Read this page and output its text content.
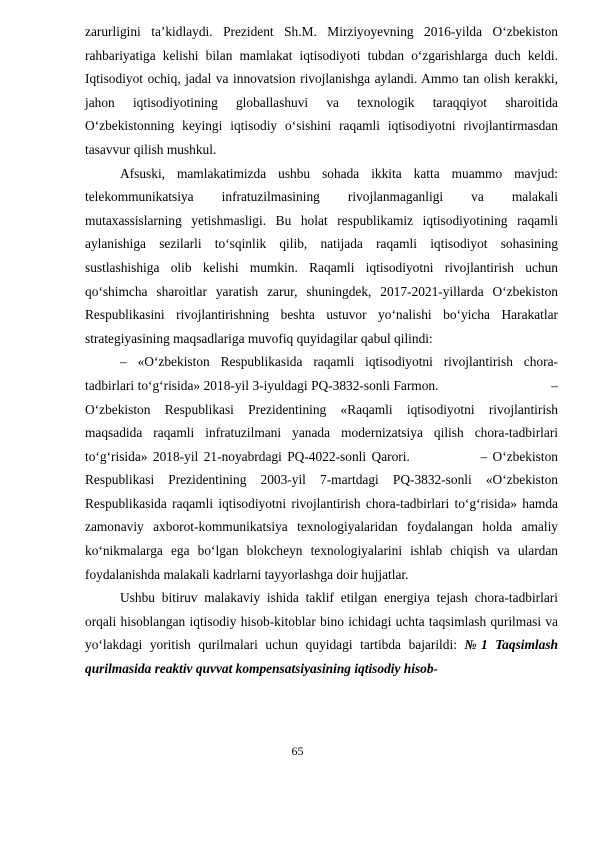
zarurligini ta’kidlaydi. Prezident Sh.M. Mirziyoyevning 2016-yilda O‘zbekiston rahbariyatiga kelishi bilan mamlakat iqtisodiyoti tubdan o‘zgarishlarga duch keldi. Iqtisodiyot ochiq, jadal va innovatsion rivojlanishga aylandi. Ammo tan olish kerakki, jahon iqtisodiyotining globallashuvi va texnologik taraqqiyot sharoitida O‘zbekistonning keyingi iqtisodiy o‘sishini raqamli iqtisodiyotni rivojlantirmasdan tasavvur qilish mushkul.

Afsuski, mamlakatimizda ushbu sohada ikkita katta muammo mavjud: telekommunikatsiya infratuzilmasining rivojlanmaganligi va malakali mutaxassislarning yetishmasligi. Bu holat respublikamiz iqtisodiyotining raqamli aylanishiga sezilarli to‘sqinlik qilib, natijada raqamli iqtisodiyot sohasining sustlashishiga olib kelishi mumkin. Raqamli iqtisodiyotni rivojlantirish uchun qo‘shimcha sharoitlar yaratish zarur, shuningdek, 2017-2021-yillarda O‘zbekiston Respublikasini rivojlantirishning beshta ustuvor yo‘nalishi bo‘yicha Harakatlar strategiyasining maqsadlariga muvofiq quyidagilar qabul qilindi:

– «O‘zbekiston Respublikasida raqamli iqtisodiyotni rivojlantirish chora-tadbirlari to‘g‘risida» 2018-yil 3-iyuldagi PQ-3832-sonli Farmon.                                – O‘zbekiston Respublikasi Prezidentining «Raqamli iqtisodiyotni rivojlantirish maqsadida raqamli infratuzilmani yanada modernizatsiya qilish chora-tadbirlari to‘g‘risida» 2018-yil 21-noyabrdagi PQ-4022-sonli Qarori.             – O‘zbekiston Respublikasi Prezidentining 2003-yil 7-martdagi PQ-3832-sonli «O‘zbekiston Respublikasida raqamli iqtisodiyotni rivojlantirish chora-tadbirlari to‘g‘risida» hamda zamonaviy axborot-kommunikatsiya texnologiyalaridan foydalangan holda amaliy ko‘nikmalarga ega bo‘lgan blokcheyn texnologiyalarini ishlab chiqish va ulardan foydalanishda malakali kadrlarni tayyorlashga doir hujjatlar.

Ushbu bitiruv malakaviy ishida taklif etilgan energiya tejash chora-tadbirlari orqali hisoblangan iqtisodiy hisob-kitoblar bino ichidagi uchta taqsimlash qurilmasi va yo‘lakdagi yoritish qurilmalari uchun quyidagi tartibda bajarildi: №1 Taqsimlash qurilmasida reaktiv quvvat kompensatsiyasining iqtisodiy hisob-

65
